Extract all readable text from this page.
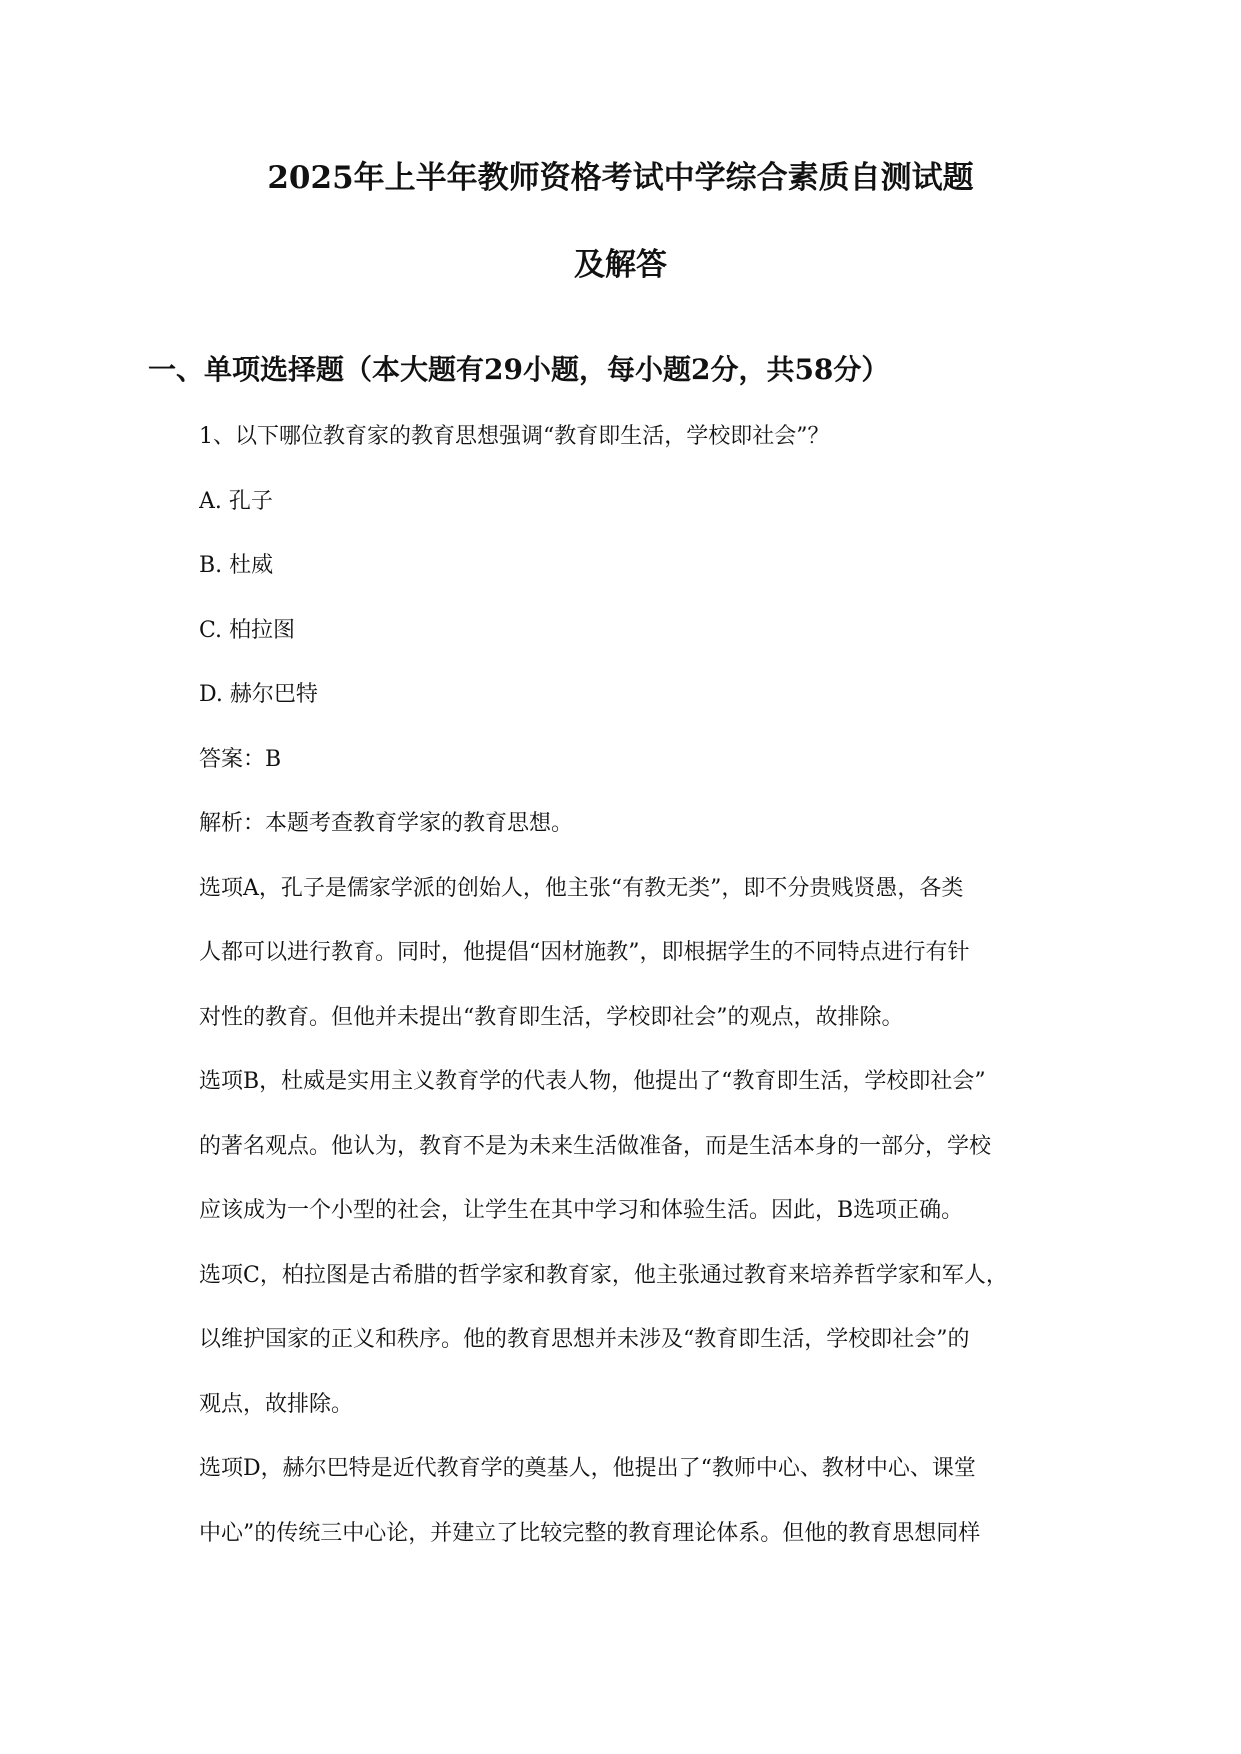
2025年上半年教师资格考试中学综合素质自测试题
及解答
一、单项选择题（本大题有29小题，每小题2分，共58分）
1、以下哪位教育家的教育思想强调“教育即生活，学校即社会”？
A. 孔子
B. 杜威
C. 柏拉图
D. 赫尔巴特
答案：B
解析：本题考查教育学家的教育思想。
选项A，孔子是儒家学派的创始人，他主张“有教无类”，即不分贵贱贤愚，各类
人都可以进行教育。同时，他提倡“因材施教”，即根据学生的不同特点进行有针
对性的教育。但他并未提出“教育即生活，学校即社会”的观点，故排除。
选项B，杜威是实用主义教育学的代表人物，他提出了“教育即生活，学校即社会”
的著名观点。他认为，教育不是为未来生活做准备，而是生活本身的一部分，学校
应该成为一个小型的社会，让学生在其中学习和体验生活。因此，B选项正确。
选项C，柏拉图是古希腊的哲学家和教育家，他主张通过教育来培养哲学家和军人，
以维护国家的正义和秩序。他的教育思想并未涉及“教育即生活，学校即社会”的
观点，故排除。
选项D，赫尔巴特是近代教育学的奠基人，他提出了“教师中心、教材中心、课堂
中心”的传统三中心论，并建立了比较完整的教育理论体系。但他的教育思想同样
